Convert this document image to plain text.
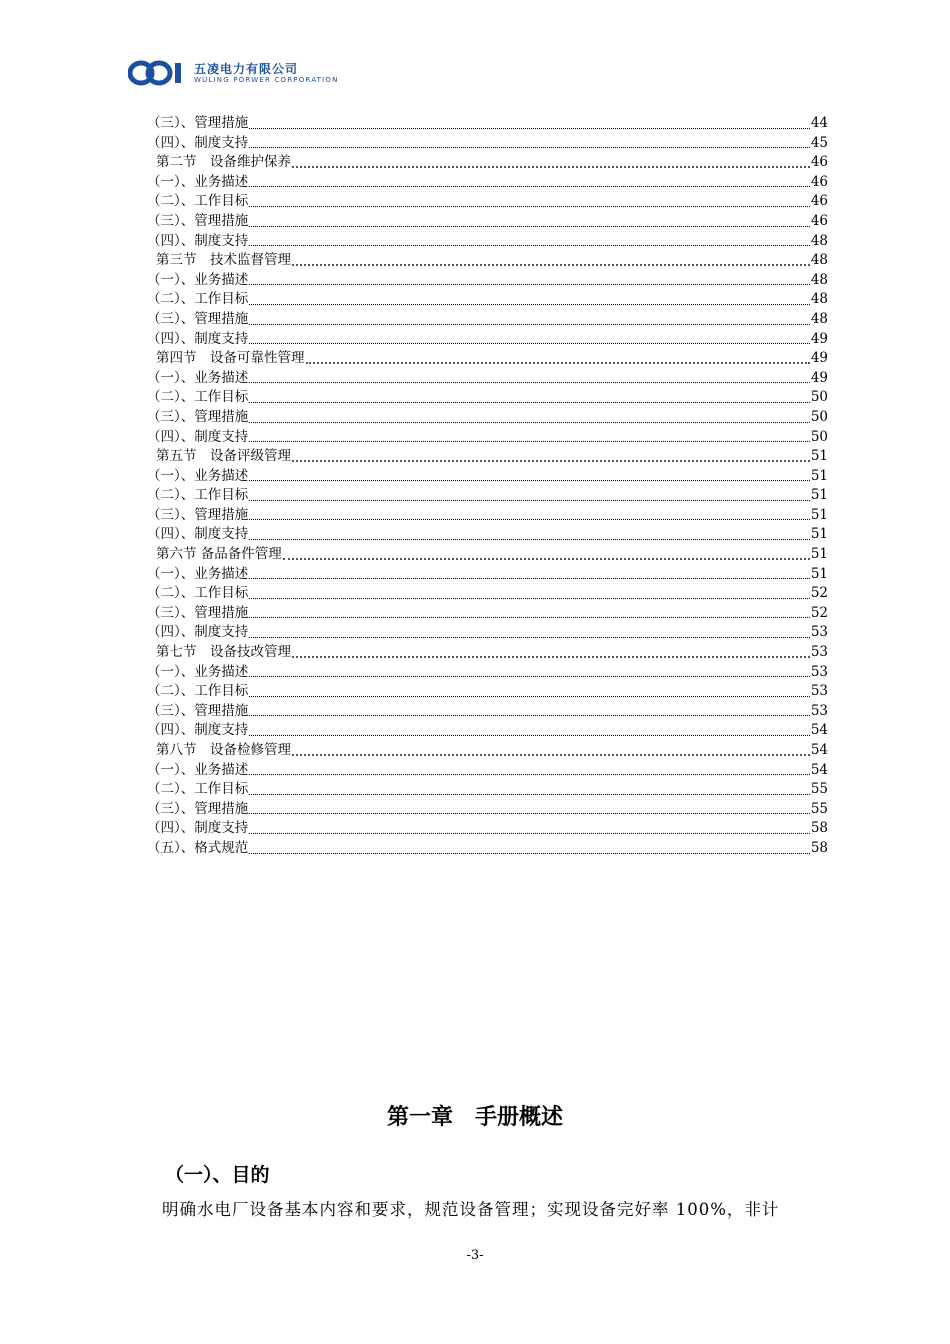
五凌电力有限公司
WULING PORWER CORPORATION
（三）、管理措施	44
（四）、制度支持	45
第二节　设备维护保养	46
（一）、业务描述	46
（二）、工作目标	46
（三）、管理措施	46
（四）、制度支持	48
第三节　技术监督管理	48
（一）、业务描述	48
（二）、工作目标	48
（三）、管理措施	48
（四）、制度支持	49
第四节　设备可靠性管理	49
（一）、业务描述	49
（二）、工作目标	50
（三）、管理措施	50
（四）、制度支持	50
第五节　设备评级管理	51
（一）、业务描述	51
（二）、工作目标	51
（三）、管理措施	51
（四）、制度支持	51
第六节 备品备件管理	51
（一）、业务描述	51
（二）、工作目标	52
（三）、管理措施	52
（四）、制度支持	53
第七节　设备技改管理	53
（一）、业务描述	53
（二）、工作目标	53
（三）、管理措施	53
（四）、制度支持	54
第八节　设备检修管理	54
（一）、业务描述	54
（二）、工作目标	55
（三）、管理措施	55
（四）、制度支持	58
（五）、格式规范	58
第一章　手册概述
（一）、目的
明确水电厂设备基本内容和要求，规范设备管理；实现设备完好率 100%，非计
-3-
